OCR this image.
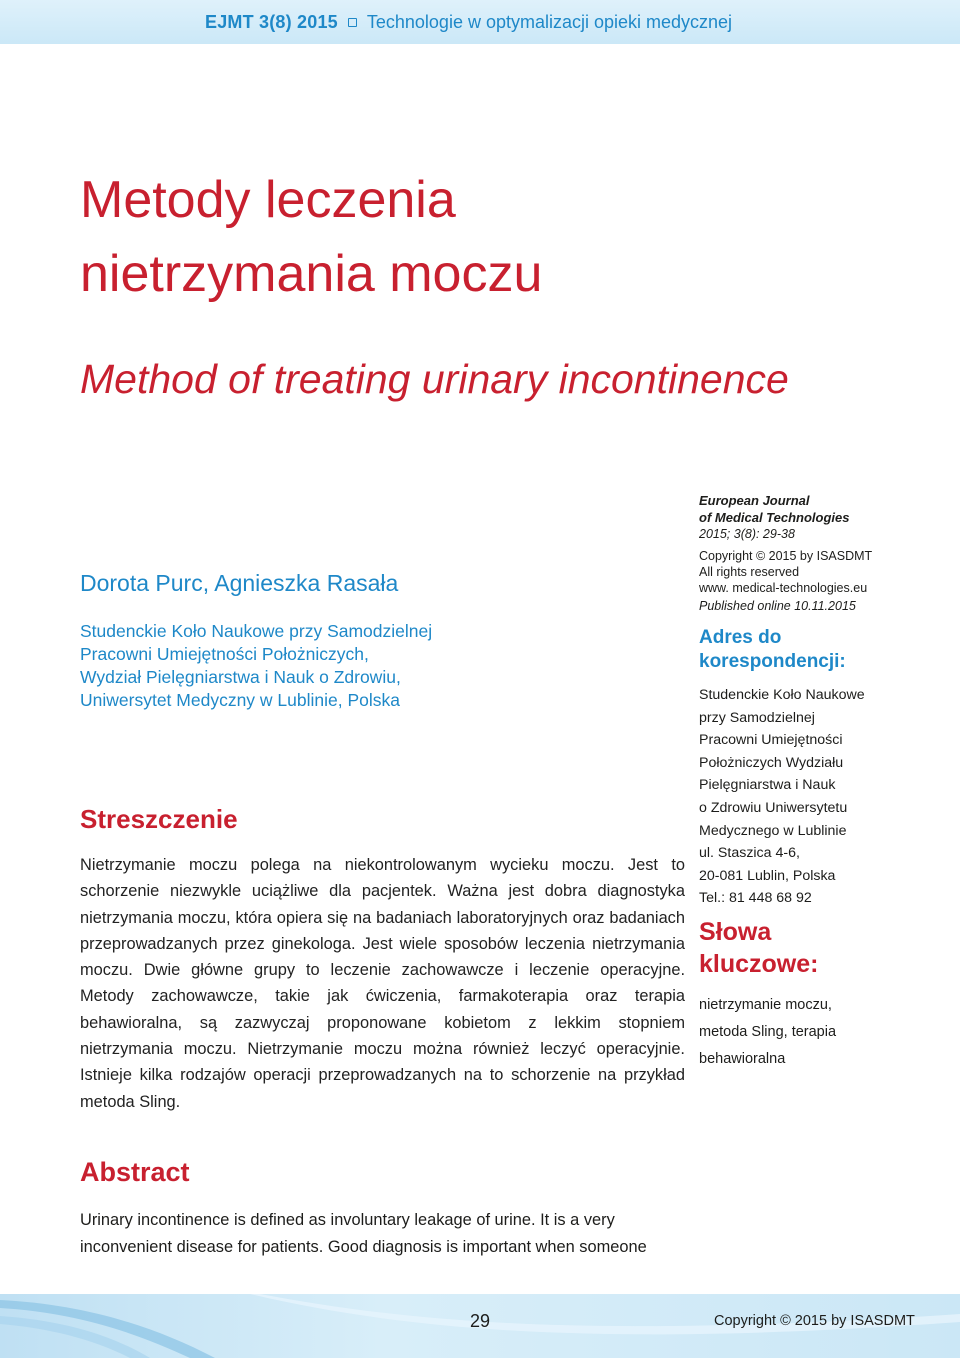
EJMT 3(8) 2015 Technologie w optymalizacji opieki medycznej
Metody leczenia
nietrzymania moczu
Method of treating urinary incontinence
Dorota Purc, Agnieszka Rasała
Studenckie Koło Naukowe przy Samodzielnej
Pracowni Umiejętności Położniczych,
Wydział Pielęgniarstwa i Nauk o Zdrowiu,
Uniwersytet Medyczny w Lublinie, Polska
Streszczenie

Nietrzymanie moczu polega na niekontrolowanym wycieku moczu. Jest to schorzenie niezwykle uciążliwe dla pacjentek. Ważna jest dobra diagnostyka nietrzymania moczu, która opiera się na badaniach laboratoryjnych oraz badaniach przeprowadzanych przez ginekologa. Jest wiele sposobów leczenia nietrzymania moczu. Dwie główne grupy to leczenie zachowawcze i leczenie operacyjne. Metody zachowawcze, takie jak ćwiczenia, farmakoterapia oraz terapia behawioralna, są zazwyczaj proponowane kobietom z lekkim stopniem nietrzymania moczu. Nietrzymanie moczu można również leczyć operacyjnie. Istnieje kilka rodzajów operacji przeprowadzanych na to schorzenie na przykład metoda Sling.

European Journal
of Medical Technologies
2015; 3(8): 29-38
Copyright © 2015 by ISASDMT
All rights reserved
www. medical-technologies.eu
Published online 10.11.2015
Adres do
korespondencji:
Studenckie Koło Naukowe
przy Samodzielnej
Pracowni Umiejętności
Położniczych Wydziału
Pielęgniarstwa i Nauk
o Zdrowiu Uniwersytetu
Medycznego w Lublinie
ul. Staszica 4-6,
20-081 Lublin, Polska
Tel.: 81 448 68 92
Słowa
kluczowe:
nietrzymanie moczu,
metoda Sling, terapia
behawioralna
Abstract

Urinary incontinence is defined as involuntary leakage of urine. It is a very inconvenient disease for patients. Good diagnosis is important when someone

29	Copyright © 2015 by ISASDMT
